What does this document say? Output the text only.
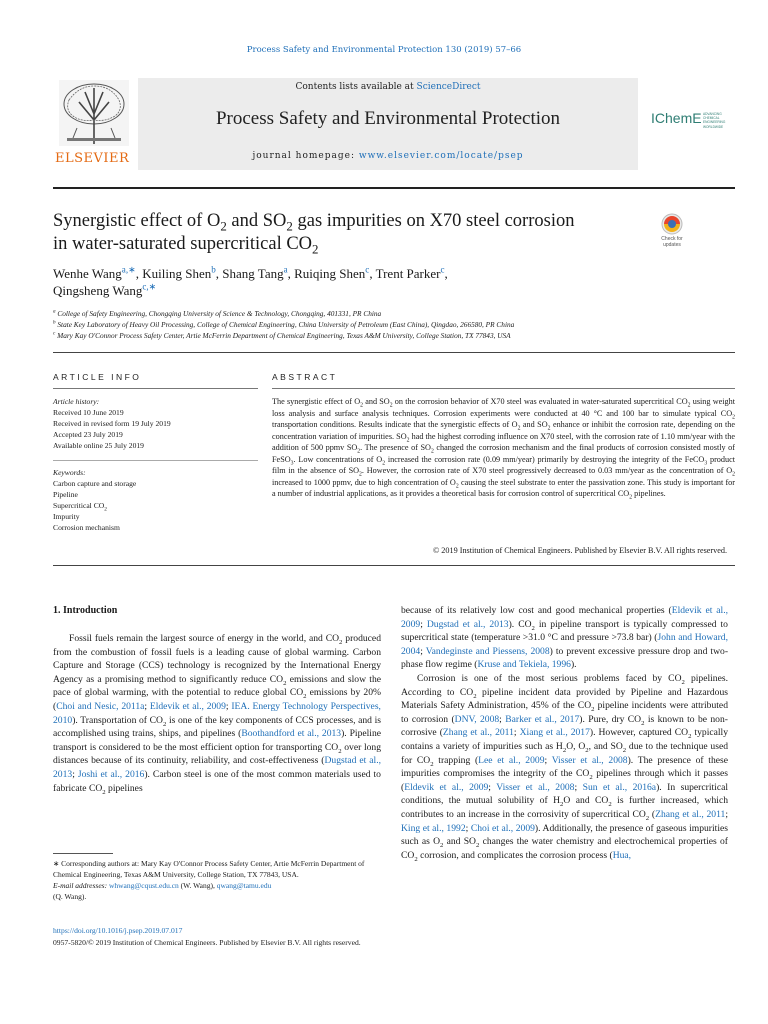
Process Safety and Environmental Protection 130 (2019) 57–66
ELSEVIER
Contents lists available at ScienceDirect
Process Safety and Environmental Protection
journal homepage: www.elsevier.com/locate/psep
IChemE ADVANCING CHEMICAL ENGINEERING WORLDWIDE
Synergistic effect of $O_2$ and $SO_2$ gas impurities on X70 steel corrosion
in water-saturated supercritical $CO_2$
Check for updates
Wenhe Wang$^{a,∗}$, Kuiling Shen$^b$, Shang Tang$^a$, Ruiqing Shen$^c$, Trent Parker$^c$,
Qingsheng Wang$^{c,∗}$
$^a$ College of Safety Engineering, Chongqing University of Science & Technology, Chongqing, 401331, PR China
$^b$ State Key Laboratory of Heavy Oil Processing, College of Chemical Engineering, China University of Petroleum (East China), Qingdao, 266580, PR China
$^c$ Mary Kay O'Connor Process Safety Center, Artie McFerrin Department of Chemical Engineering, Texas A&M University, College Station, TX 77843, USA
ARTICLE INFO	ABSTRACT
Article history:
Received 10 June 2019
Received in revised form 19 July 2019
Accepted 23 July 2019
Available online 25 July 2019
Keywords:
Carbon capture and storage
Pipeline
Supercritical $CO_2$
Impurity
Corrosion mechanism
The synergistic effect of $O_2$ and $SO_2$ on the corrosion behavior of X70 steel was evaluated in water-saturated supercritical $CO_2$ using weight loss analysis and surface analysis techniques. Corrosion experiments were conducted at 40 °C and 100 bar to simulate typical $CO_2$ transportation conditions. Results indicate that the synergistic effects of $O_2$ and $SO_2$ enhance or inhibit the corrosion rate, depending on the concentration variation of impurities. $SO_2$ had the highest corroding influence on X70 steel, with the corrosion rate of 1.10 mm/year with the addition of 500 ppmv $SO_2$. The presence of $SO_2$ changed the corrosion mechanism and the final products of corrosion consisted mostly of FeSO$_3$. Low concentrations of $O_2$ increased the corrosion rate (0.09 mm/year) primarily by destroying the integrity of the FeCO$_3$ product film in the absence of $SO_2$. However, the corrosion rate of X70 steel progressively decreased to 0.03 mm/year as the concentration of $O_2$ increased to 1000 ppmv, due to high concentration of $O_2$ causing the steel substrate to enter the passivation zone. This study is important for a number of industrial applications, as it provides a theoretical basis for corrosion control of supercritical $CO_2$ pipelines.
© 2019 Institution of Chemical Engineers. Published by Elsevier B.V. All rights reserved.
1. Introduction

Fossil fuels remain the largest source of energy in the world, and $CO_2$ produced from the combustion of fossil fuels is a leading cause of global warming. Carbon Capture and Storage (CCS) technology is recognized by the International Energy Agency as a promising method to significantly reduce $CO_2$ emissions and slow the pace of global warming, with the potential to reduce global $CO_2$ emissions by 20% (Choi and Nesic, 2011a; Eldevik et al., 2009; IEA. Energy Technology Perspectives, 2010). Transportation of $CO_2$ is one of the key components of CCS processes, and is accomplished using trains, ships, and pipelines (Boothandford et al., 2013). Pipeline transport is considered to be the most efficient option for transporting $CO_2$ over long distances because of its continuity, reliability, and cost-effectiveness (Dugstad et al., 2013; Joshi et al., 2016). Carbon steel is one of the most common materials used to fabricate $CO_2$ pipelines

because of its relatively low cost and good mechanical properties (Eldevik et al., 2009; Dugstad et al., 2013). $CO_2$ in pipeline transport is typically compressed to supercritical state (temperature >31.0 °C and pressure >73.8 bar) (John and Howard, 2004; Vandeginste and Piessens, 2008) to prevent excessive pressure drop and two-phase flow regime (Kruse and Tekiela, 1996).

Corrosion is one of the most serious problems faced by $CO_2$ pipelines. According to $CO_2$ pipeline incident data provided by Pipeline and Hazardous Materials Safety Administration, 45% of the $CO_2$ pipeline incidents were attributed to corrosion (DNV, 2008; Barker et al., 2017). Pure, dry $CO_2$ is known to be non-corrosive (Zhang et al., 2011; Xiang et al., 2017). However, captured $CO_2$ typically contains a variety of impurities such as $H_2O$, $O_2$, and $SO_2$ due to the technique used for $CO_2$ trapping (Lee et al., 2009; Visser et al., 2008). The presence of these impurities compromises the integrity of the $CO_2$ pipelines through which it passes (Eldevik et al., 2009; Visser et al., 2008; Sun et al., 2016a). In supercritical conditions, the mutual solubility of $H_2O$ and $CO_2$ is further increased, which contributes to an increase in the corrosivity of supercritical $CO_2$ (Zhang et al., 2011; King et al., 1992; Choi et al., 2009). Additionally, the presence of gaseous impurities such as $O_2$ and $SO_2$ changes the water chemistry and electrochemical properties of $CO_2$ corrosion, and complicates the corrosion process (Hua,

∗ Corresponding authors at: Mary Kay O'Connor Process Safety Center, Artie McFerrin Department of Chemical Engineering, Texas A&M University, College Station, TX 77843, USA.
E-mail addresses: whwang@cqust.edu.cn (W. Wang), qwang@tamu.edu
(Q. Wang).
https://doi.org/10.1016/j.psep.2019.07.017
0957-5820/© 2019 Institution of Chemical Engineers. Published by Elsevier B.V. All rights reserved.
